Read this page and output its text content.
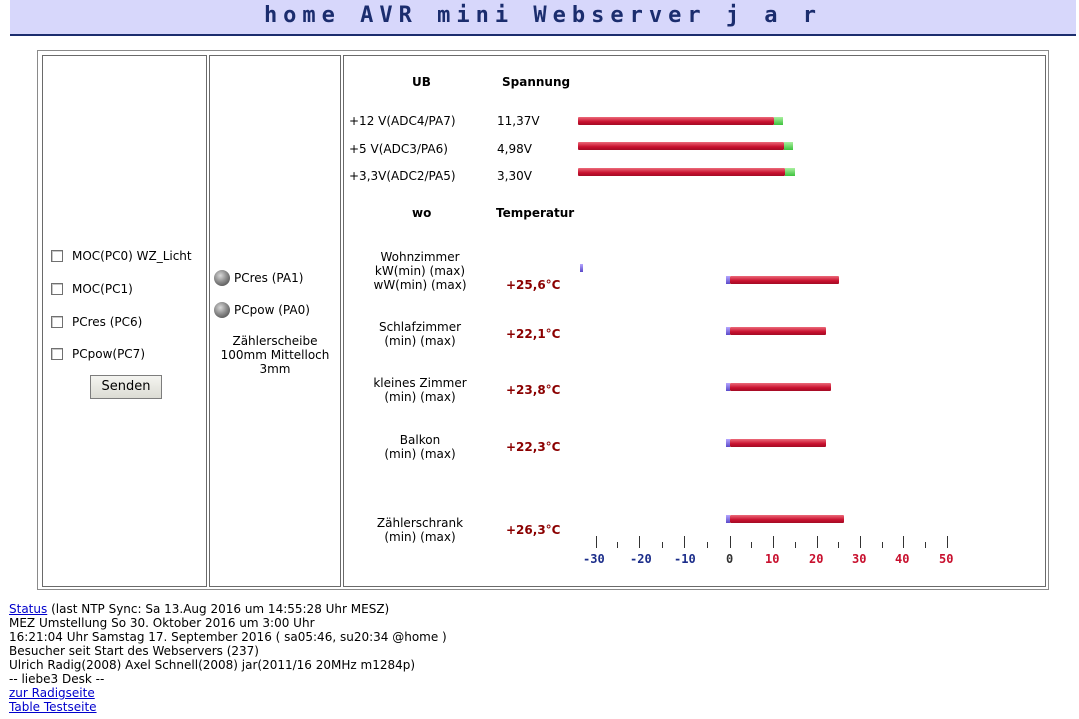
home AVR mini Webserver j a r
MOC(PC0) WZ_Licht
MOC(PC1)
PCres (PC6)
PCpow(PC7)
Senden
PCres (PA1)
PCpow (PA0)
Zählerscheibe
100mm Mittelloch
3mm
UB	Spannung
+12 V(ADC4/PA7)	11,37V
+5 V(ADC3/PA6)	4,98V
+3,3V(ADC2/PA5)	3,30V
wo	Temperatur
Wohnzimmer
kW(min) (max)
wW(min) (max)	+25,6°C
Schlafzimmer
(min) (max)	+22,1°C
kleines Zimmer
(min) (max)	+23,8°C
Balkon
(min) (max)	+22,3°C
Zählerschrank
(min) (max)	+26,3°C
-30 -20 -10	0	10 20 30 40 50
Status (last NTP Sync: Sa 13.Aug 2016 um 14:55:28 Uhr MESZ)
MEZ Umstellung So 30. Oktober 2016 um 3:00 Uhr
16:21:04 Uhr Samstag 17. September 2016 ( sa05:46, su20:34 @home )
Besucher seit Start des Webservers (237)
Ulrich Radig(2008) Axel Schnell(2008) jar(2011/16 20MHz m1284p)
-- liebe3 Desk --
zur Radigseite
Table Testseite
